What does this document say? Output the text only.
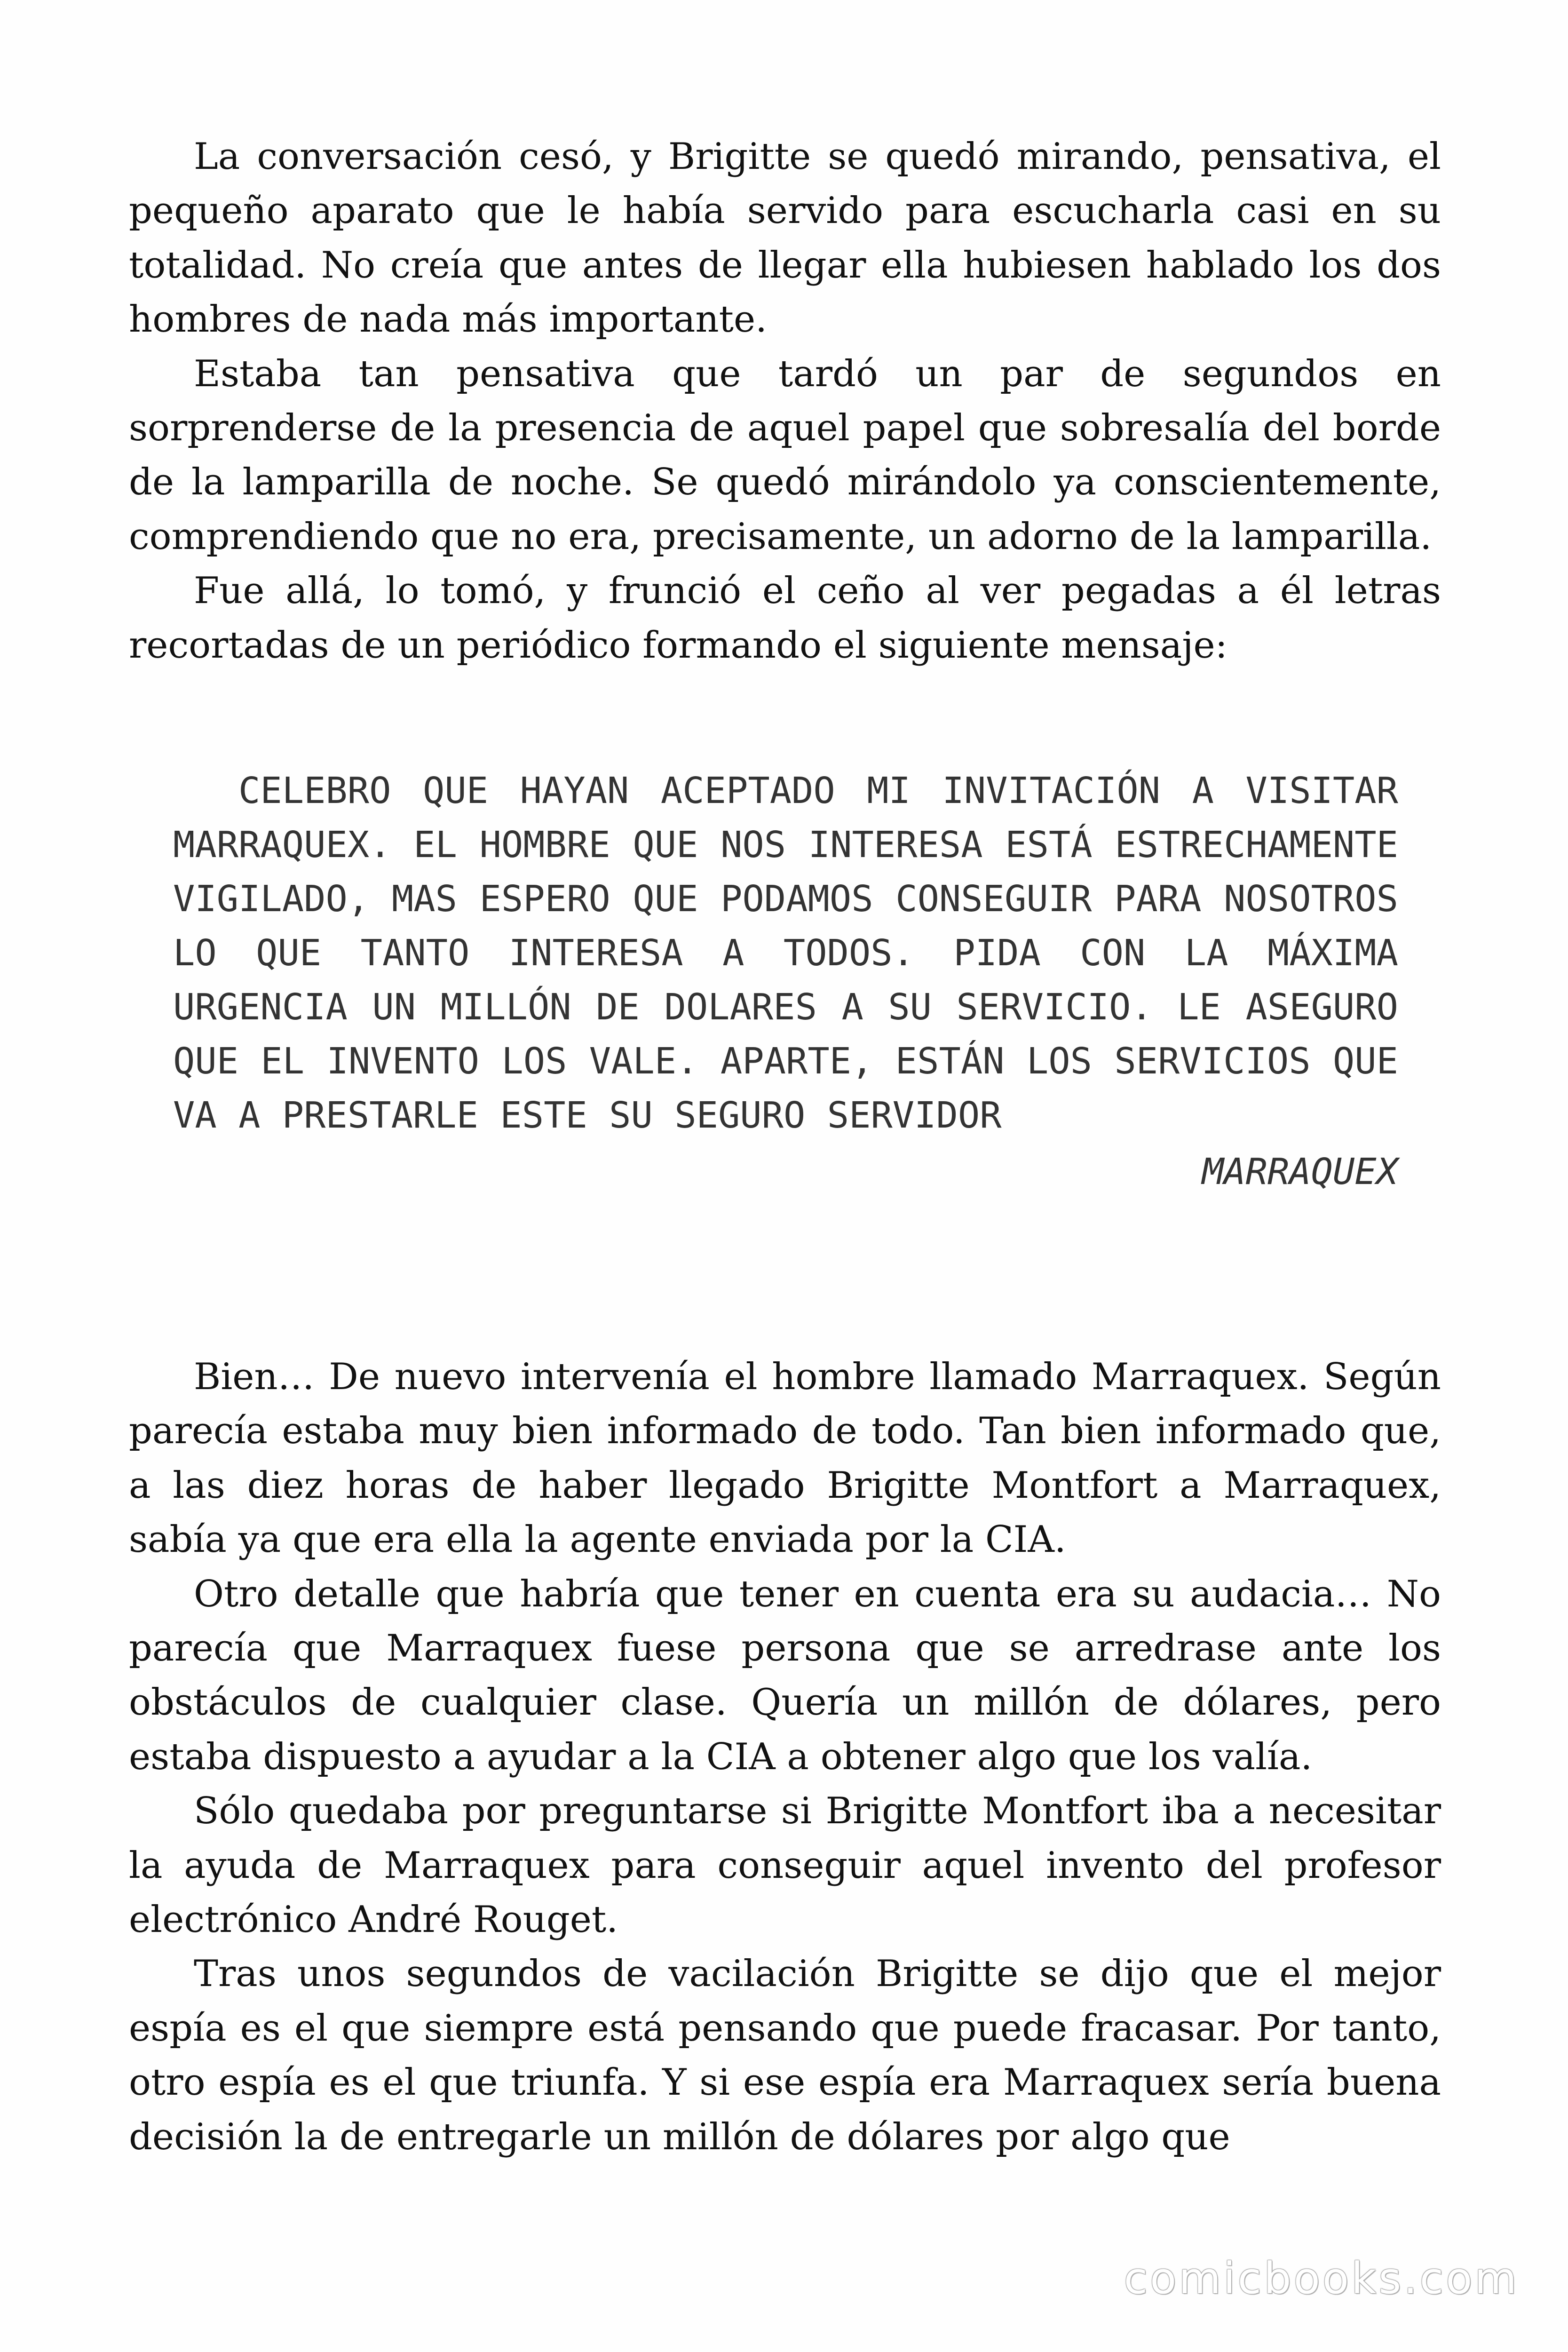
La conversación cesó, y Brigitte se quedó mirando, pensativa, el pequeño aparato que le había servido para escucharla casi en su totalidad. No creía que antes de llegar ella hubiesen hablado los dos hombres de nada más importante.

Estaba tan pensativa que tardó un par de segundos en sorprenderse de la presencia de aquel papel que sobresalía del borde de la lamparilla de noche. Se quedó mirándolo ya conscientemente, comprendiendo que no era, precisamente, un adorno de la lamparilla.

Fue allá, lo tomó, y frunció el ceño al ver pegadas a él letras recortadas de un periódico formando el siguiente mensaje:

CELEBRO QUE HAYAN ACEPTADO MI INVITACIÓN A VISITAR MARRAQUEX. EL HOMBRE QUE NOS INTERESA ESTÁ ESTRECHAMENTE VIGILADO, MAS ESPERO QUE PODAMOS CONSEGUIR PARA NOSOTROS LO QUE TANTO INTERESA A TODOS. PIDA CON LA MÁXIMA URGENCIA UN MILLÓN DE DOLARES A SU SERVICIO. LE ASEGURO QUE EL INVENTO LOS VALE. APARTE, ESTÁN LOS SERVICIOS QUE VA A PRESTARLE ESTE SU SEGURO SERVIDOR

MARRAQUEX

Bien… De nuevo intervenía el hombre llamado Marraquex. Según parecía estaba muy bien informado de todo. Tan bien informado que, a las diez horas de haber llegado Brigitte Montfort a Marraquex, sabía ya que era ella la agente enviada por la CIA.

Otro detalle que habría que tener en cuenta era su audacia… No parecía que Marraquex fuese persona que se arredrase ante los obstáculos de cualquier clase. Quería un millón de dólares, pero estaba dispuesto a ayudar a la CIA a obtener algo que los valía.

Sólo quedaba por preguntarse si Brigitte Montfort iba a necesitar la ayuda de Marraquex para conseguir aquel invento del profesor electrónico André Rouget.

Tras unos segundos de vacilación Brigitte se dijo que el mejor espía es el que siempre está pensando que puede fracasar. Por tanto, otro espía es el que triunfa. Y si ese espía era Marraquex sería buena decisión la de entregarle un millón de dólares por algo que

comicbooks.com
